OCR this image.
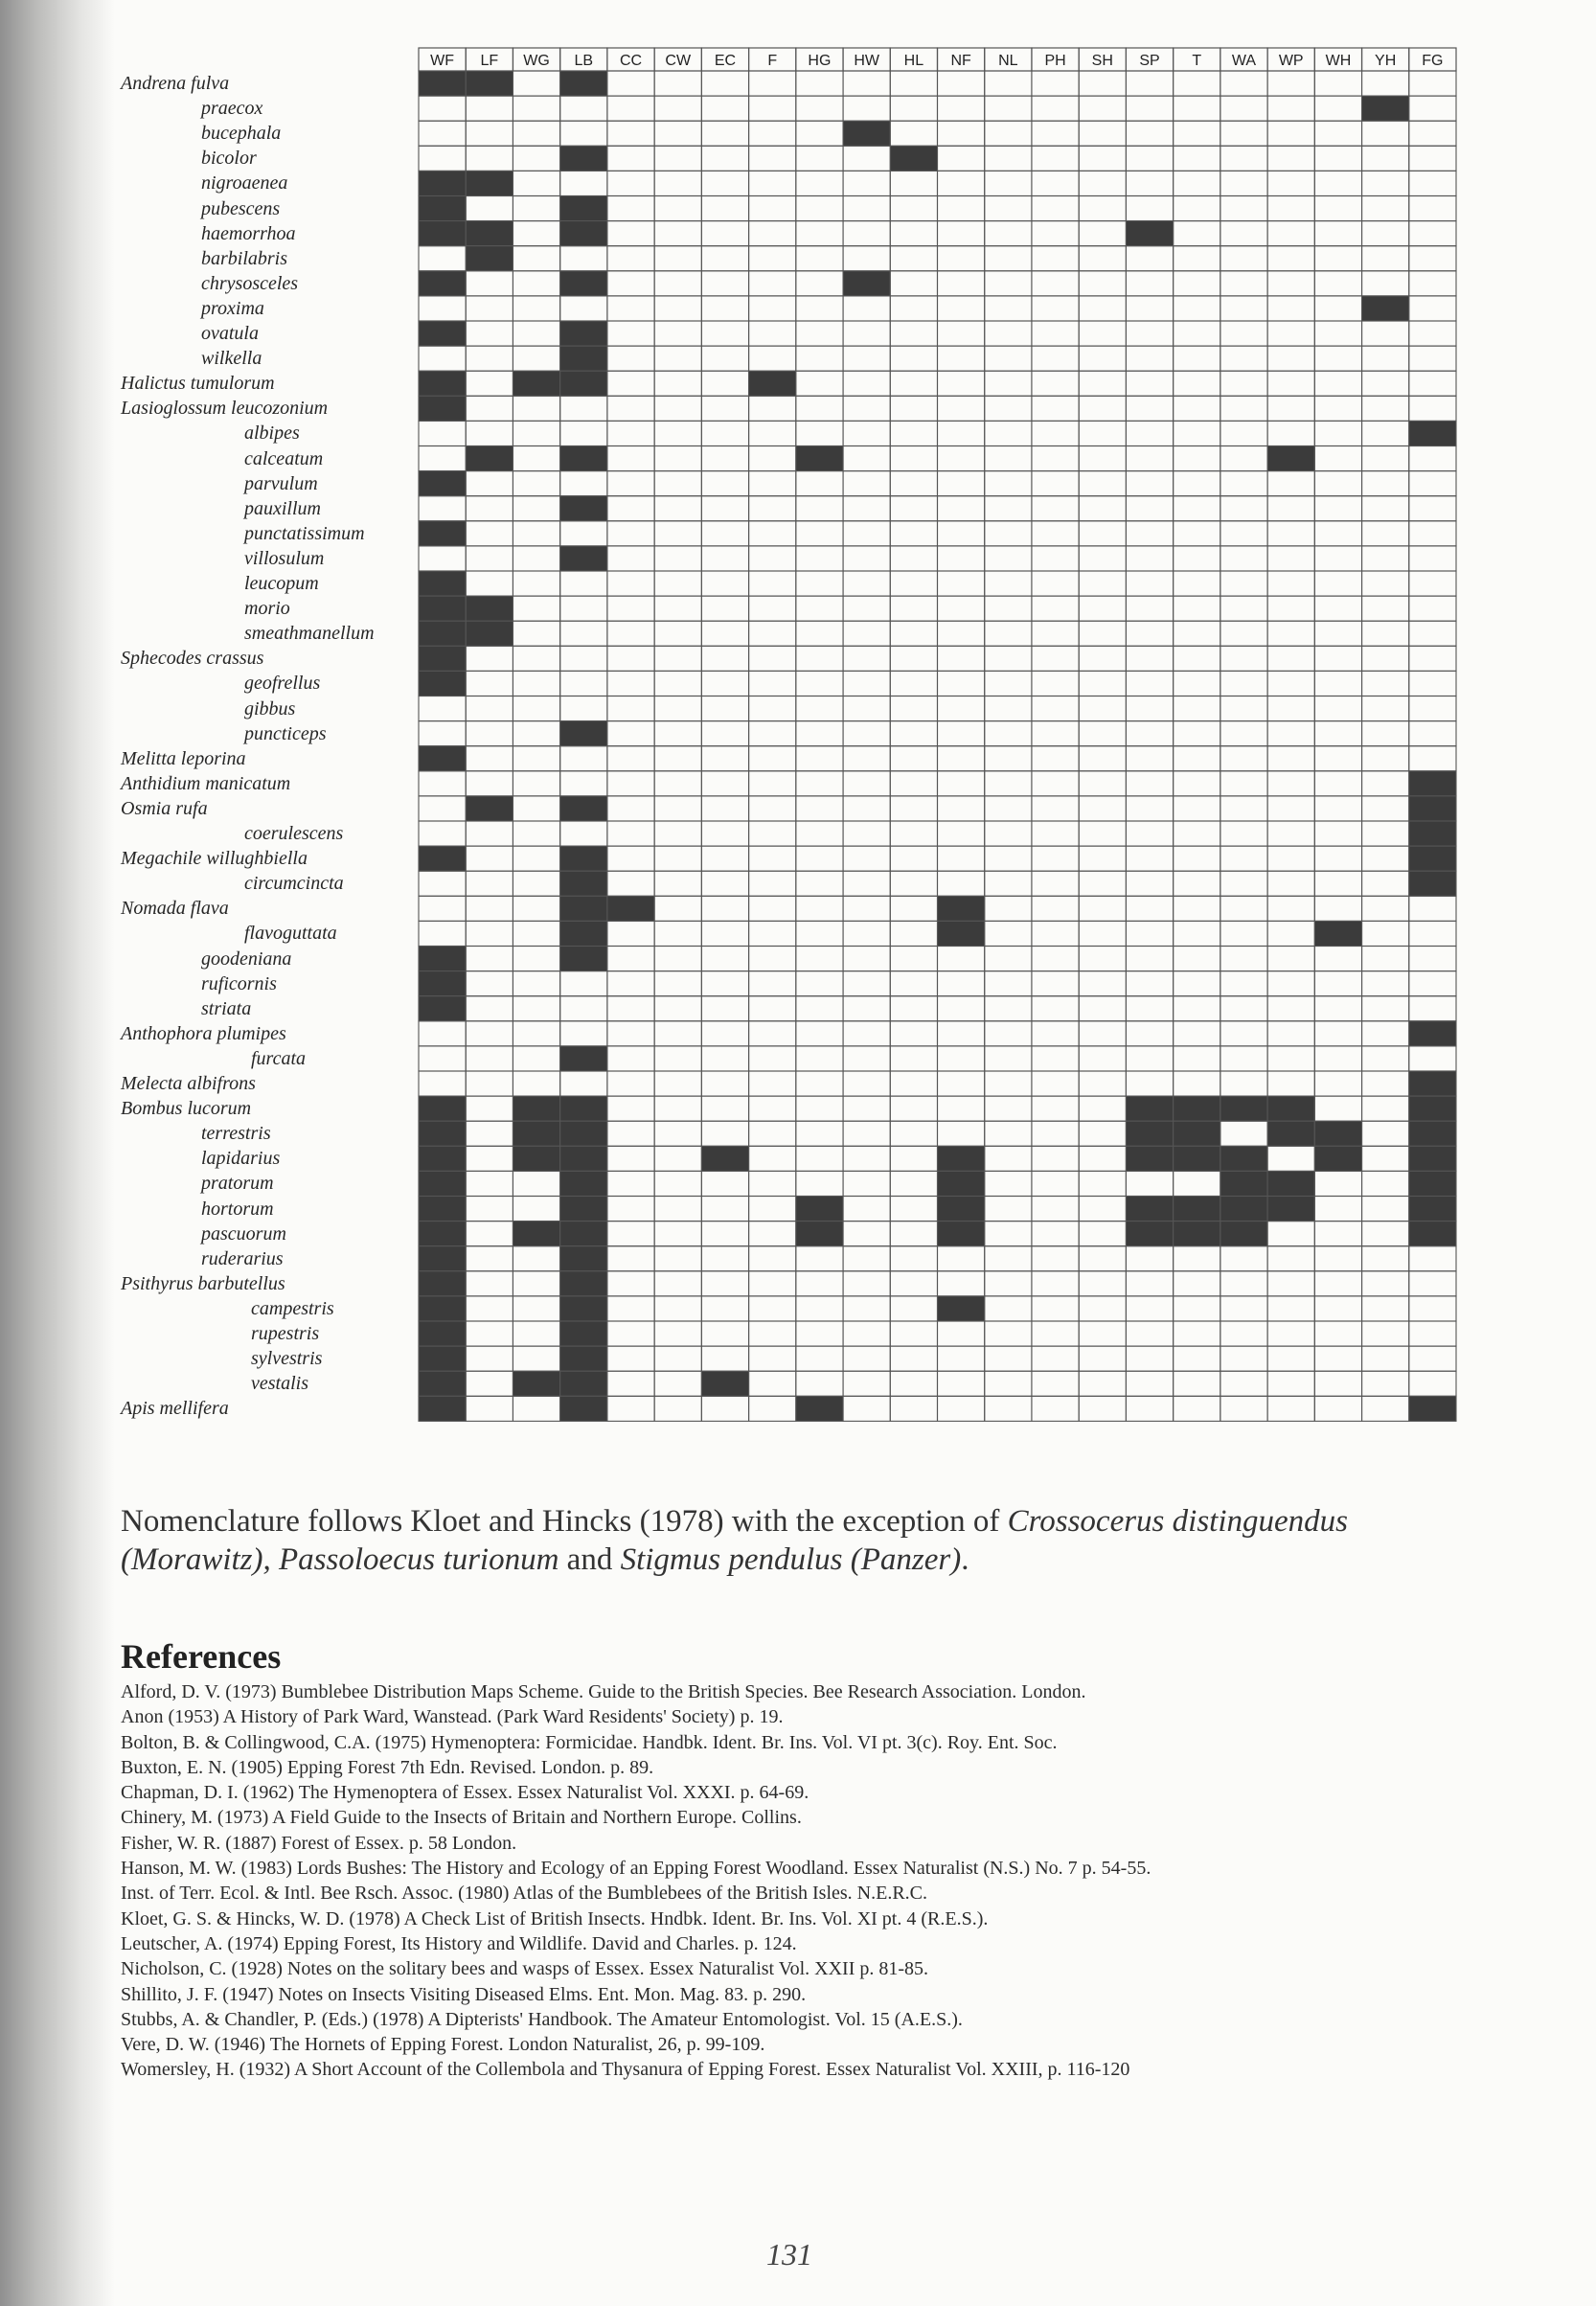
Andrena fulva
praecox
bucephala
bicolor
nigroaenea
pubescens
haemorrhoa
barbilabris
chrysosceles
proxima
ovatula
wilkella
Halictus tumulorum
Lasioglossum leucozonium
albipes
calceatum
parvulum
pauxillum
punctatissimum
villosulum
leucopum
morio
smeathmanellum
Sphecodes crassus
geofrellus
gibbus
puncticeps
Melitta leporina
Anthidium manicatum
Osmia rufa
coerulescens
Megachile willughbiella
circumcincta
Nomada flava
flavoguttata
goodeniana
ruficornis
striata
Anthophora plumipes
furcata
Melecta albifrons
Bombus lucorum
terrestris
lapidarius
pratorum
hortorum
pascuorum
ruderarius
Psithyrus barbutellus
campestris
rupestris
sylvestris
vestalis
Apis mellifera
WF LF WG LB CC CW EC F HG HW HL NF NL PH SH SP T WA WP WH YH FG
Nomenclature follows Kloet and Hincks (1978) with the exception of Crossocerus distinguendus (Morawitz), Passoloecus turionum and Stigmus pendulus (Panzer).
References
Alford, D. V. (1973) Bumblebee Distribution Maps Scheme. Guide to the British Species. Bee Research Association. London.
Anon (1953) A History of Park Ward, Wanstead. (Park Ward Residents' Society) p. 19.
Bolton, B. & Collingwood, C.A. (1975) Hymenoptera: Formicidae. Handbk. Ident. Br. Ins. Vol. VI pt. 3(c). Roy. Ent. Soc.
Buxton, E. N. (1905) Epping Forest 7th Edn. Revised. London. p. 89.
Chapman, D. I. (1962) The Hymenoptera of Essex. Essex Naturalist Vol. XXXI. p. 64-69.
Chinery, M. (1973) A Field Guide to the Insects of Britain and Northern Europe. Collins.
Fisher, W. R. (1887) Forest of Essex. p. 58 London.
Hanson, M. W. (1983) Lords Bushes: The History and Ecology of an Epping Forest Woodland. Essex Naturalist (N.S.) No. 7 p. 54-55.
Inst. of Terr. Ecol. & Intl. Bee Rsch. Assoc. (1980) Atlas of the Bumblebees of the British Isles. N.E.R.C.
Kloet, G. S. & Hincks, W. D. (1978) A Check List of British Insects. Hndbk. Ident. Br. Ins. Vol. XI pt. 4 (R.E.S.).
Leutscher, A. (1974) Epping Forest, Its History and Wildlife. David and Charles. p. 124.
Nicholson, C. (1928) Notes on the solitary bees and wasps of Essex. Essex Naturalist Vol. XXII p. 81-85.
Shillito, J. F. (1947) Notes on Insects Visiting Diseased Elms. Ent. Mon. Mag. 83. p. 290.
Stubbs, A. & Chandler, P. (Eds.) (1978) A Dipterists' Handbook. The Amateur Entomologist. Vol. 15 (A.E.S.).
Vere, D. W. (1946) The Hornets of Epping Forest. London Naturalist, 26, p. 99-109.
Womersley, H. (1932) A Short Account of the Collembola and Thysanura of Epping Forest. Essex Naturalist Vol. XXIII, p. 116-120
131
